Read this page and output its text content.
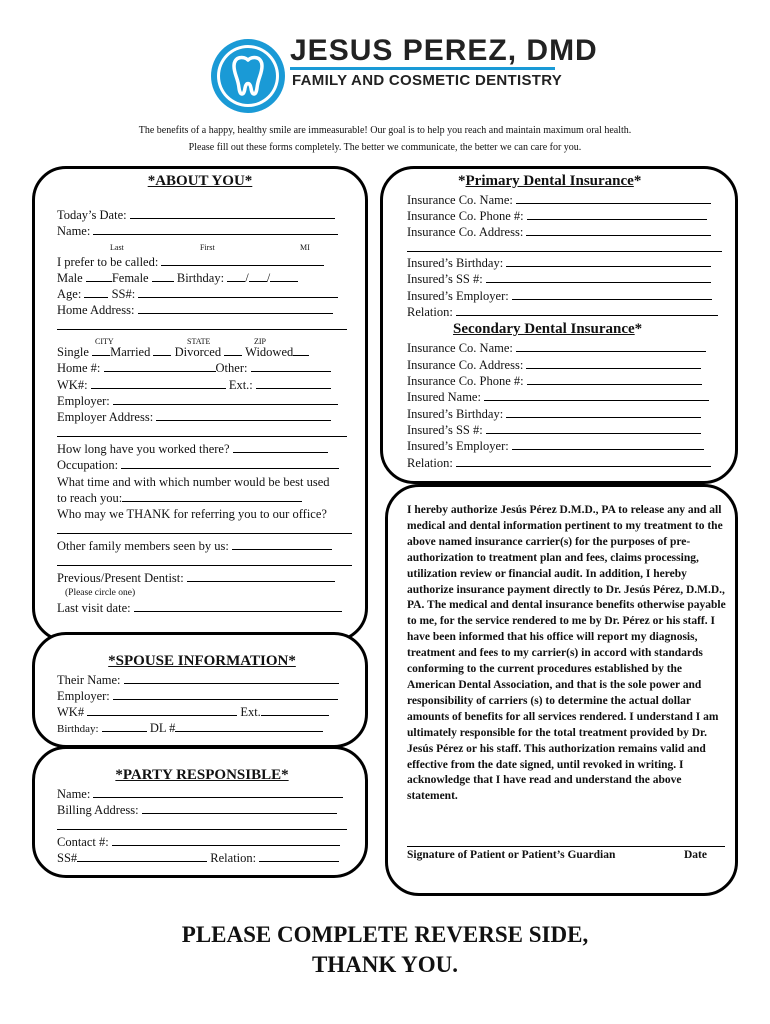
JESUS PEREZ, DMD
FAMILY AND COSMETIC DENTISTRY
The benefits of a happy, healthy smile are immeasurable! Our goal is to help you reach and maintain maximum oral health.
Please fill out these forms completely. The better we communicate, the better we can care for you.
*ABOUT YOU*
Today’s Date:
Name:
Last	First	MI
I prefer to be called:
Male Female Birthday: / /
Age: SS#:
Home Address:
CITY	STATE	ZIP
Single Married Divorced Widowed
Home #:	Other:
WK#:	Ext.:
Employer:
Employer Address:
How long have you worked there?
Occupation:
What time and with which number would be best used
to reach you:
Who may we THANK for referring you to our office?
Other family members seen by us:
Previous/Present Dentist:
(Please circle one)
Last visit date:
*SPOUSE INFORMATION*
Their Name:
Employer:
WK#	Ext.
Birthday:	DL #
*PARTY RESPONSIBLE*
Name:
Billing Address:
Contact #:
SS#	Relation:
*Primary Dental Insurance*
Insurance Co. Name:
Insurance Co. Phone #:
Insurance Co. Address:
Insured’s Birthday:
Insured’s SS #:
Insured’s Employer:
Relation:
Secondary Dental Insurance*
Insurance Co. Name:
Insurance Co. Address:
Insurance Co. Phone #:
Insured Name:
Insured’s Birthday:
Insured’s SS #:
Insured’s Employer:
Relation:
I hereby authorize Jesús Pérez D.M.D., PA to release any and all medical and dental information pertinent to my treatment to the above named insurance carrier(s) for the purposes of pre-authorization to treatment plan and fees, claims processing, utilization review or financial audit. In addition, I hereby authorize insurance payment directly to Dr. Jesús Pérez, D.M.D., PA. The medical and dental insurance benefits otherwise payable to me, for the service rendered to me by Dr. Pérez or his staff. I have been informed that his office will report my diagnosis, treatment and fees to my carrier(s) in accord with standards conforming to the current procedures established by the American Dental Association, and that is the sole power and responsibility of carriers (s) to determine the actual dollar amounts of benefits for all services rendered. I understand I am ultimately responsible for the total treatment provided by Dr. Jesús Pérez or his staff. This authorization remains valid and effective from the date signed, until revoked in writing. I acknowledge that I have read and understand the above statement.
Signature of Patient or Patient’s Guardian	Date
PLEASE COMPLETE REVERSE SIDE,
THANK YOU.
